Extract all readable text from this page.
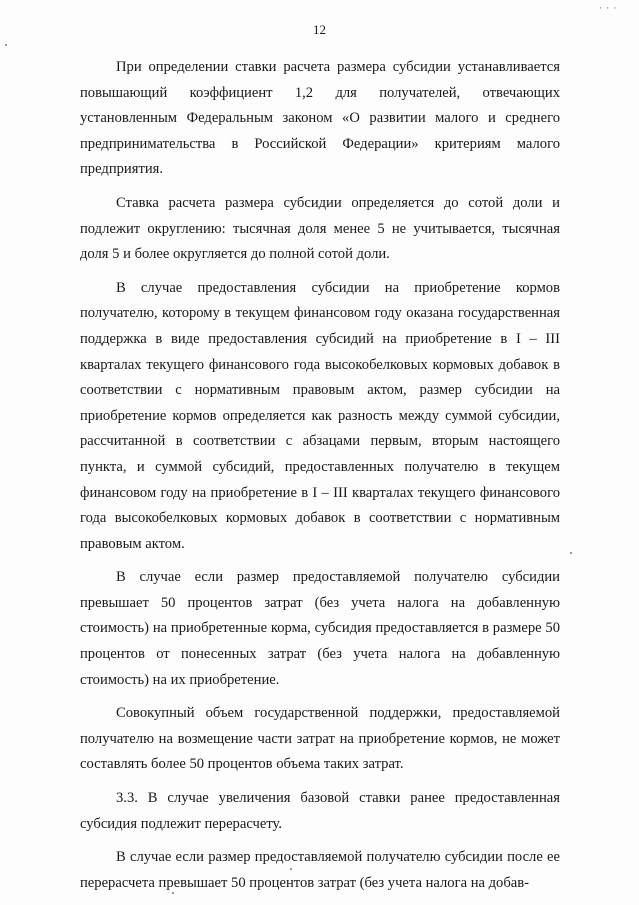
· · ·
12

При определении ставки расчета размера субсидии устанавливается повышающий коэффициент 1,2 для получателей, отвечающих установленным Федеральным законом «О развитии малого и среднего предпринимательства в Российской Федерации» критериям малого предприятия.

Ставка расчета размера субсидии определяется до сотой доли и подлежит округлению: тысячная доля менее 5 не учитывается, тысячная доля 5 и более округляется до полной сотой доли.

В случае предоставления субсидии на приобретение кормов получателю, которому в текущем финансовом году оказана государственная поддержка в виде предоставления субсидий на приобретение в I – III кварталах текущего финансового года высокобелковых кормовых добавок в соответствии с нормативным правовым актом, размер субсидии на приобретение кормов определяется как разность между суммой субсидии, рассчитанной в соответствии с абзацами первым, вторым настоящего пункта, и суммой субсидий, предоставленных получателю в текущем финансовом году на приобретение в I – III кварталах текущего финансового года высокобелковых кормовых добавок в соответствии с нормативным правовым актом.

В случае если размер предоставляемой получателю субсидии превышает 50 процентов затрат (без учета налога на добавленную стоимость) на приобретенные корма, субсидия предоставляется в размере 50 процентов от понесенных затрат (без учета налога на добавленную стоимость) на их приобретение.

Совокупный объем государственной поддержки, предоставляемой получателю на возмещение части затрат на приобретение кормов, не может составлять более 50 процентов объема таких затрат.

3.3. В случае увеличения базовой ставки ранее предоставленная субсидия подлежит перерасчету.

В случае если размер предоставляемой получателю субсидии после ее перерасчета превышает 50 процентов затрат (без учета налога на добав-
